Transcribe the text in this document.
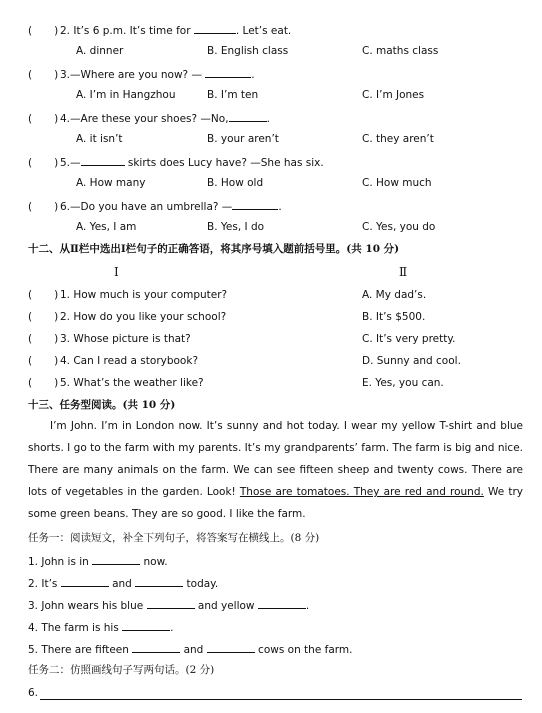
( ) 2. It’s 6 p.m. It’s time for	. Let’s eat.
A. dinner	B. English class	C. maths class
( ) 3.—Where are you now? —	.
A. I’m in Hangzhou	B. I’m ten	C. I’m Jones
( ) 4.—Are these your shoes? —No,	.
A. it isn’t	B. your aren’t	C. they aren’t
( ) 5.—	skirts does Lucy have? —She has six.
A. How many	B. How old	C. How much
( ) 6.—Do you have an umbrella? —	.
A. Yes, I am	B. Yes, I do	C. Yes, you do
十二、从Ⅱ栏中选出Ⅰ栏句子的正确答语，将其序号填入题前括号里。(共 10 分)
Ⅰ	Ⅱ
( ) 1. How much is your computer?	A. My dad’s.
( ) 2. How do you like your school?	B. It’s $500.
( ) 3. Whose picture is that?	C. It’s very pretty.
( ) 4. Can I read a storybook?	D. Sunny and cool.
( ) 5. What’s the weather like?	E. Yes, you can.
十三、任务型阅读。(共 10 分)
I’m John. I’m in London now. It’s sunny and hot today. I wear my yellow T-shirt and blue shorts. I go to the farm with my parents. It’s my grandparents’ farm. The farm is big and nice. There are many animals on the farm. We can see fifteen sheep and twenty cows. There are lots of vegetables in the garden. Look! Those are tomatoes. They are red and round. We try some green beans. They are so good. I like the farm.
任务一：阅读短文，补全下列句子，将答案写在横线上。(8 分)
1. John is in	now.
2. It’s	and	today.
3. John wears his blue	and yellow	.
4. The farm is his	.
5. There are fifteen	and	cows on the farm.
任务二：仿照画线句子写两句话。(2 分)
6.
